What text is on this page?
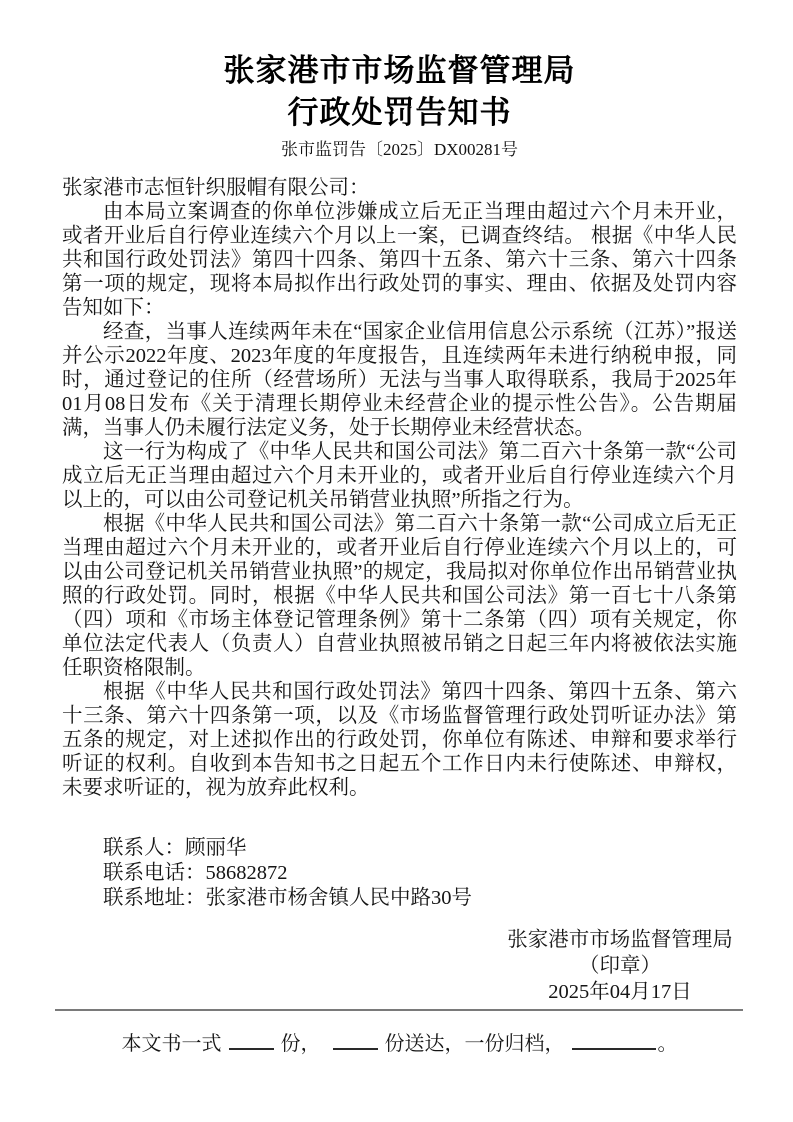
张家港市市场监督管理局
行政处罚告知书
张市监罚告〔2025〕DX00281号

张家港市志恒针织服帽有限公司：

由本局立案调查的你单位涉嫌成立后无正当理由超过六个月未开业，或者开业后自行停业连续六个月以上一案，已调查终结。 根据《中华人民共和国行政处罚法》第四十四条、第四十五条、第六十三条、第六十四条第一项的规定，现将本局拟作出行政处罚的事实、理由、依据及处罚内容告知如下：

经查，当事人连续两年未在“国家企业信用信息公示系统（江苏）”报送并公示2022年度、2023年度的年度报告，且连续两年未进行纳税申报，同时，通过登记的住所（经营场所）无法与当事人取得联系，我局于2025年01月08日发布《关于清理长期停业未经营企业的提示性公告》。公告期届满，当事人仍未履行法定义务，处于长期停业未经营状态。

这一行为构成了《中华人民共和国公司法》第二百六十条第一款“公司成立后无正当理由超过六个月未开业的，或者开业后自行停业连续六个月以上的，可以由公司登记机关吊销营业执照”所指之行为。

根据《中华人民共和国公司法》第二百六十条第一款“公司成立后无正当理由超过六个月未开业的，或者开业后自行停业连续六个月以上的，可以由公司登记机关吊销营业执照”的规定，我局拟对你单位作出吊销营业执照的行政处罚。同时，根据《中华人民共和国公司法》第一百七十八条第（四）项和《市场主体登记管理条例》第十二条第（四）项有关规定，你单位法定代表人（负责人）自营业执照被吊销之日起三年内将被依法实施任职资格限制。

根据《中华人民共和国行政处罚法》第四十四条、第四十五条、第六十三条、第六十四条第一项，以及《市场监督管理行政处罚听证办法》第五条的规定，对上述拟作出的行政处罚，你单位有陈述、申辩和要求举行听证的权利。自收到本告知书之日起五个工作日内未行使陈述、申辩权，未要求听证的，视为放弃此权利。

联系人：顾丽华
联系电话：58682872
联系地址：张家港市杨舍镇人民中路30号
张家港市市场监督管理局
（印章）
2025年04月17日
本文书一式	份，	份送达，一份归档，	。
